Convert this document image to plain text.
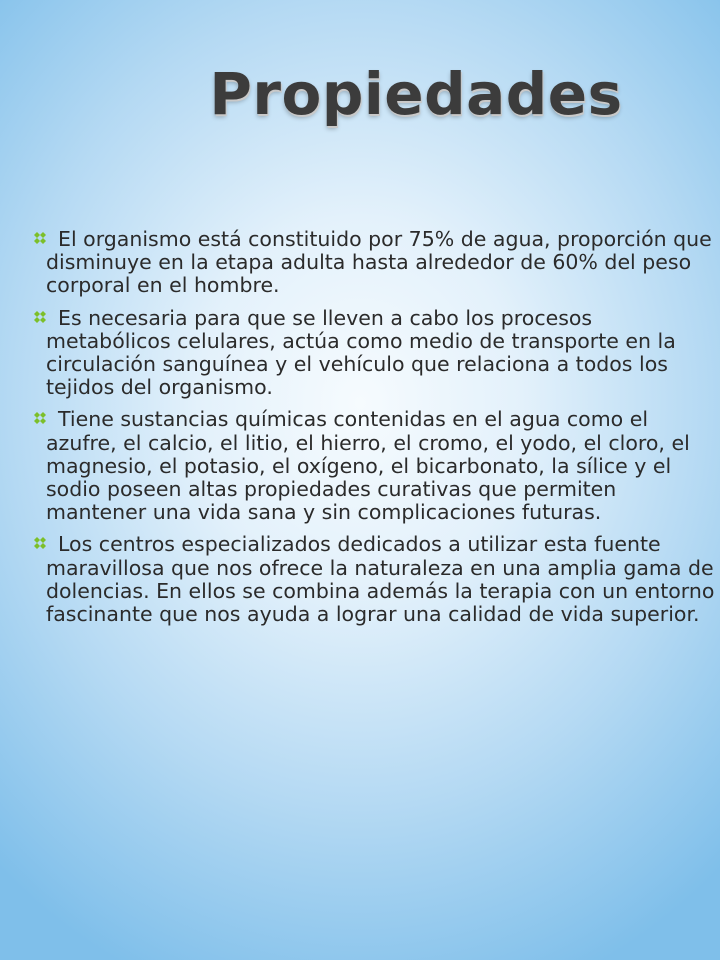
Propiedades
El organismo está constituido por 75% de agua, proporción que disminuye en la etapa adulta hasta alrededor de 60% del peso corporal en el hombre.
Es necesaria para que se lleven a cabo los procesos metabólicos celulares, actúa como medio de transporte en la circulación sanguínea y el vehículo que relaciona a todos los tejidos del organismo.
Tiene sustancias químicas contenidas en el agua como el azufre, el calcio, el litio, el hierro, el cromo, el yodo, el cloro, el magnesio, el potasio, el oxígeno, el bicarbonato, la sílice y el sodio poseen altas propiedades curativas que permiten mantener una vida sana y sin complicaciones futuras.
Los centros especializados dedicados a utilizar esta fuente maravillosa que nos ofrece la naturaleza en una amplia gama de dolencias. En ellos se combina además la terapia con un entorno fascinante que nos ayuda a lograr una calidad de vida superior.
